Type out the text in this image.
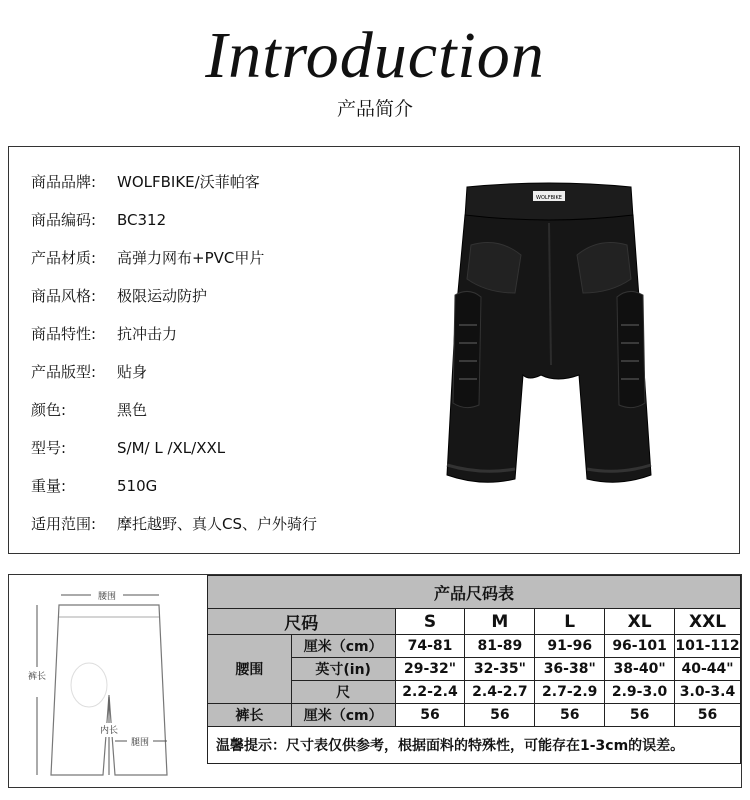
Introduction
产品简介
商品品牌: WOLFBIKE/沃菲帕客
商品编码: BC312
产品材质: 高弹力网布+PVC甲片
商品风格: 极限运动防护
商品特性: 抗冲击力
产品版型: 贴身
颜色:	黑色
型号:	S/M/ L /XL/XXL
重量:	510G
适用范围: 摩托越野、真人CS、户外骑行
WOLFBIKE
腰围
裤长
内长
腿围
产品尺码表						
尺码		S	M	L	XL	XXL
腰围	厘米（cm）	74-81	81-89	91-96	96-101	101-112
	英寸(in)	29-32"	32-35"	36-38"	38-40"	40-44"
	尺	2.2-2.4	2.4-2.7	2.7-2.9	2.9-3.0	3.0-3.4
裤长	厘米（cm）	56	56	56	56	56
温馨提示：尺寸表仅供参考，根据面料的特殊性，可能存在1-3cm的误差。						
